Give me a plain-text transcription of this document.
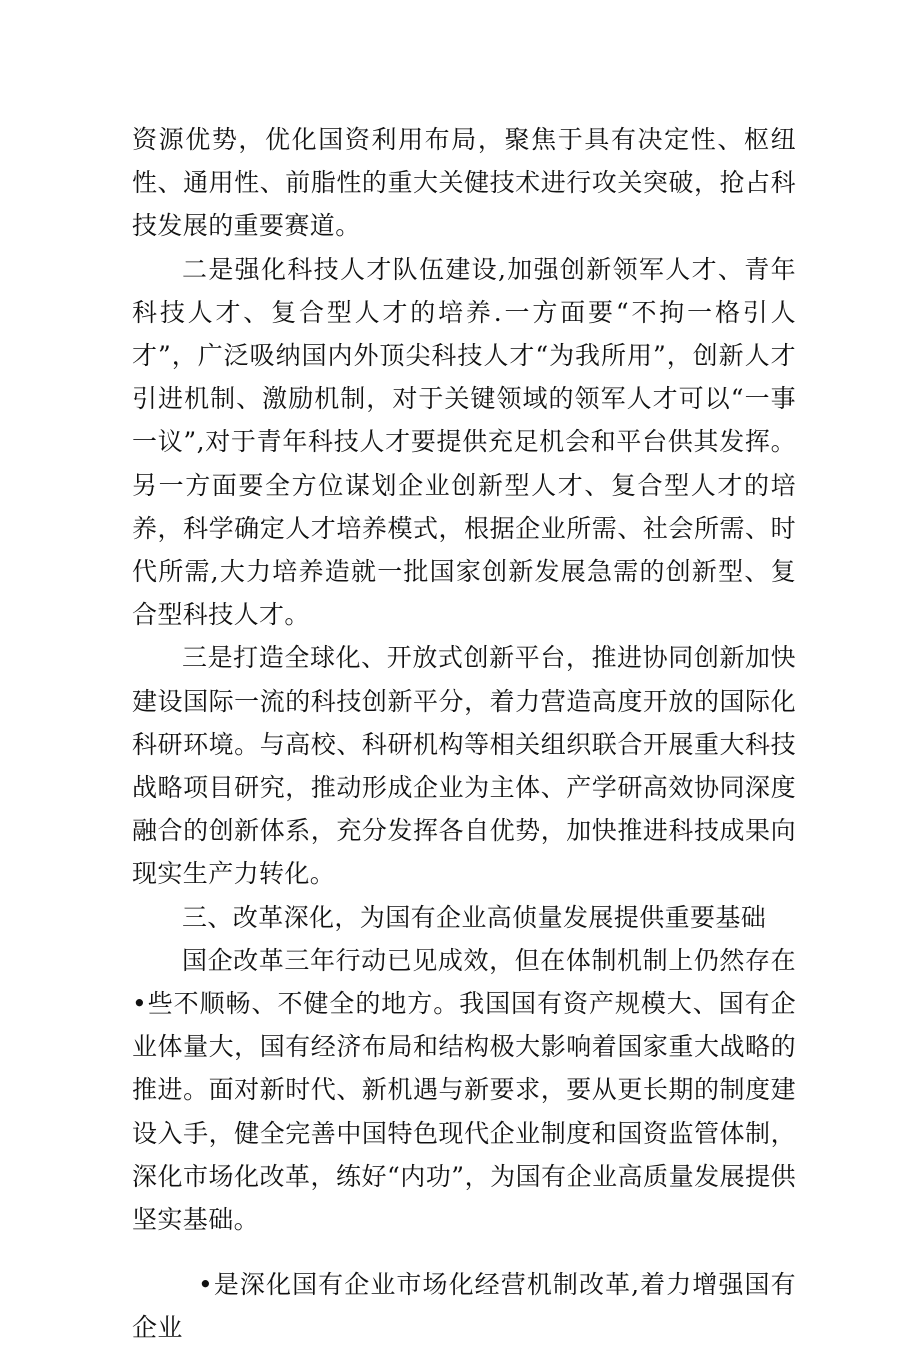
资源优势，优化国资利用布局，聚焦于具有决定性、枢纽性、通用性、前脂性的重大关健技术进行攻关突破，抢占科技发展的重要赛道。

二是强化科技人才队伍建设,加强创新领军人才、青年科技人才、复合型人才的培养.一方面要“不拘一格引人才”，广泛吸纳国内外顶尖科技人才“为我所用”，创新人才引进机制、激励机制，对于关键领域的领军人才可以“一事一议”,对于青年科技人才要提供充足机会和平台供其发挥。另一方面要全方位谋划企业创新型人才、复合型人才的培养，科学确定人才培养模式，根据企业所需、社会所需、时代所需,大力培养造就一批国家创新发展急需的创新型、复合型科技人才。

三是打造全球化、开放式创新平台，推进协同创新加快建设国际一流的科技创新平分，着力营造高度开放的国际化科研环境。与高校、科研机构等相关组织联合开展重大科技战略项目研究，推动形成企业为主体、产学研高效协同深度融合的创新体系，充分发挥各自优势，加快推进科技成果向现实生产力转化。

三、改革深化，为国有企业高侦量发展提供重要基础

国企改革三年行动已见成效，但在体制机制上仍然存在•些不顺畅、不健全的地方。我国国有资产规模大、国有企业体量大，国有经济布局和结构极大影响着国家重大战略的推进。面对新时代、新机遇与新要求，要从更长期的制度建设入手，健全完善中国特色现代企业制度和国资监管体制，深化市场化改革，练好“内功”，为国有企业高质量发展提供坚实基础。

•是深化国有企业市场化经营机制改革,着力增强国有企业
